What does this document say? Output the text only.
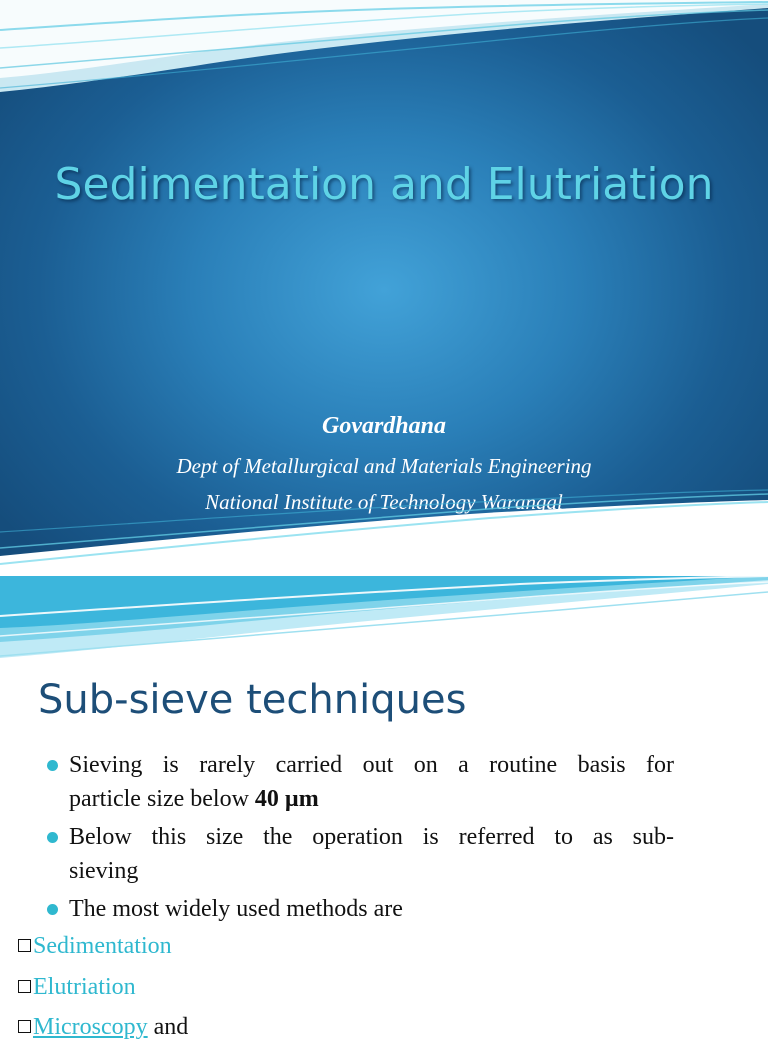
Sedimentation and Elutriation
Govardhana
Dept of Metallurgical and Materials Engineering
National Institute of Technology Warangal
Sub-sieve techniques
Sieving is rarely carried out on a routine basis for
particle size below 40 µm
Below this size the operation is referred to as sub-
sieving
The most widely used methods are
Sedimentation
Elutriation
Microscopy and
